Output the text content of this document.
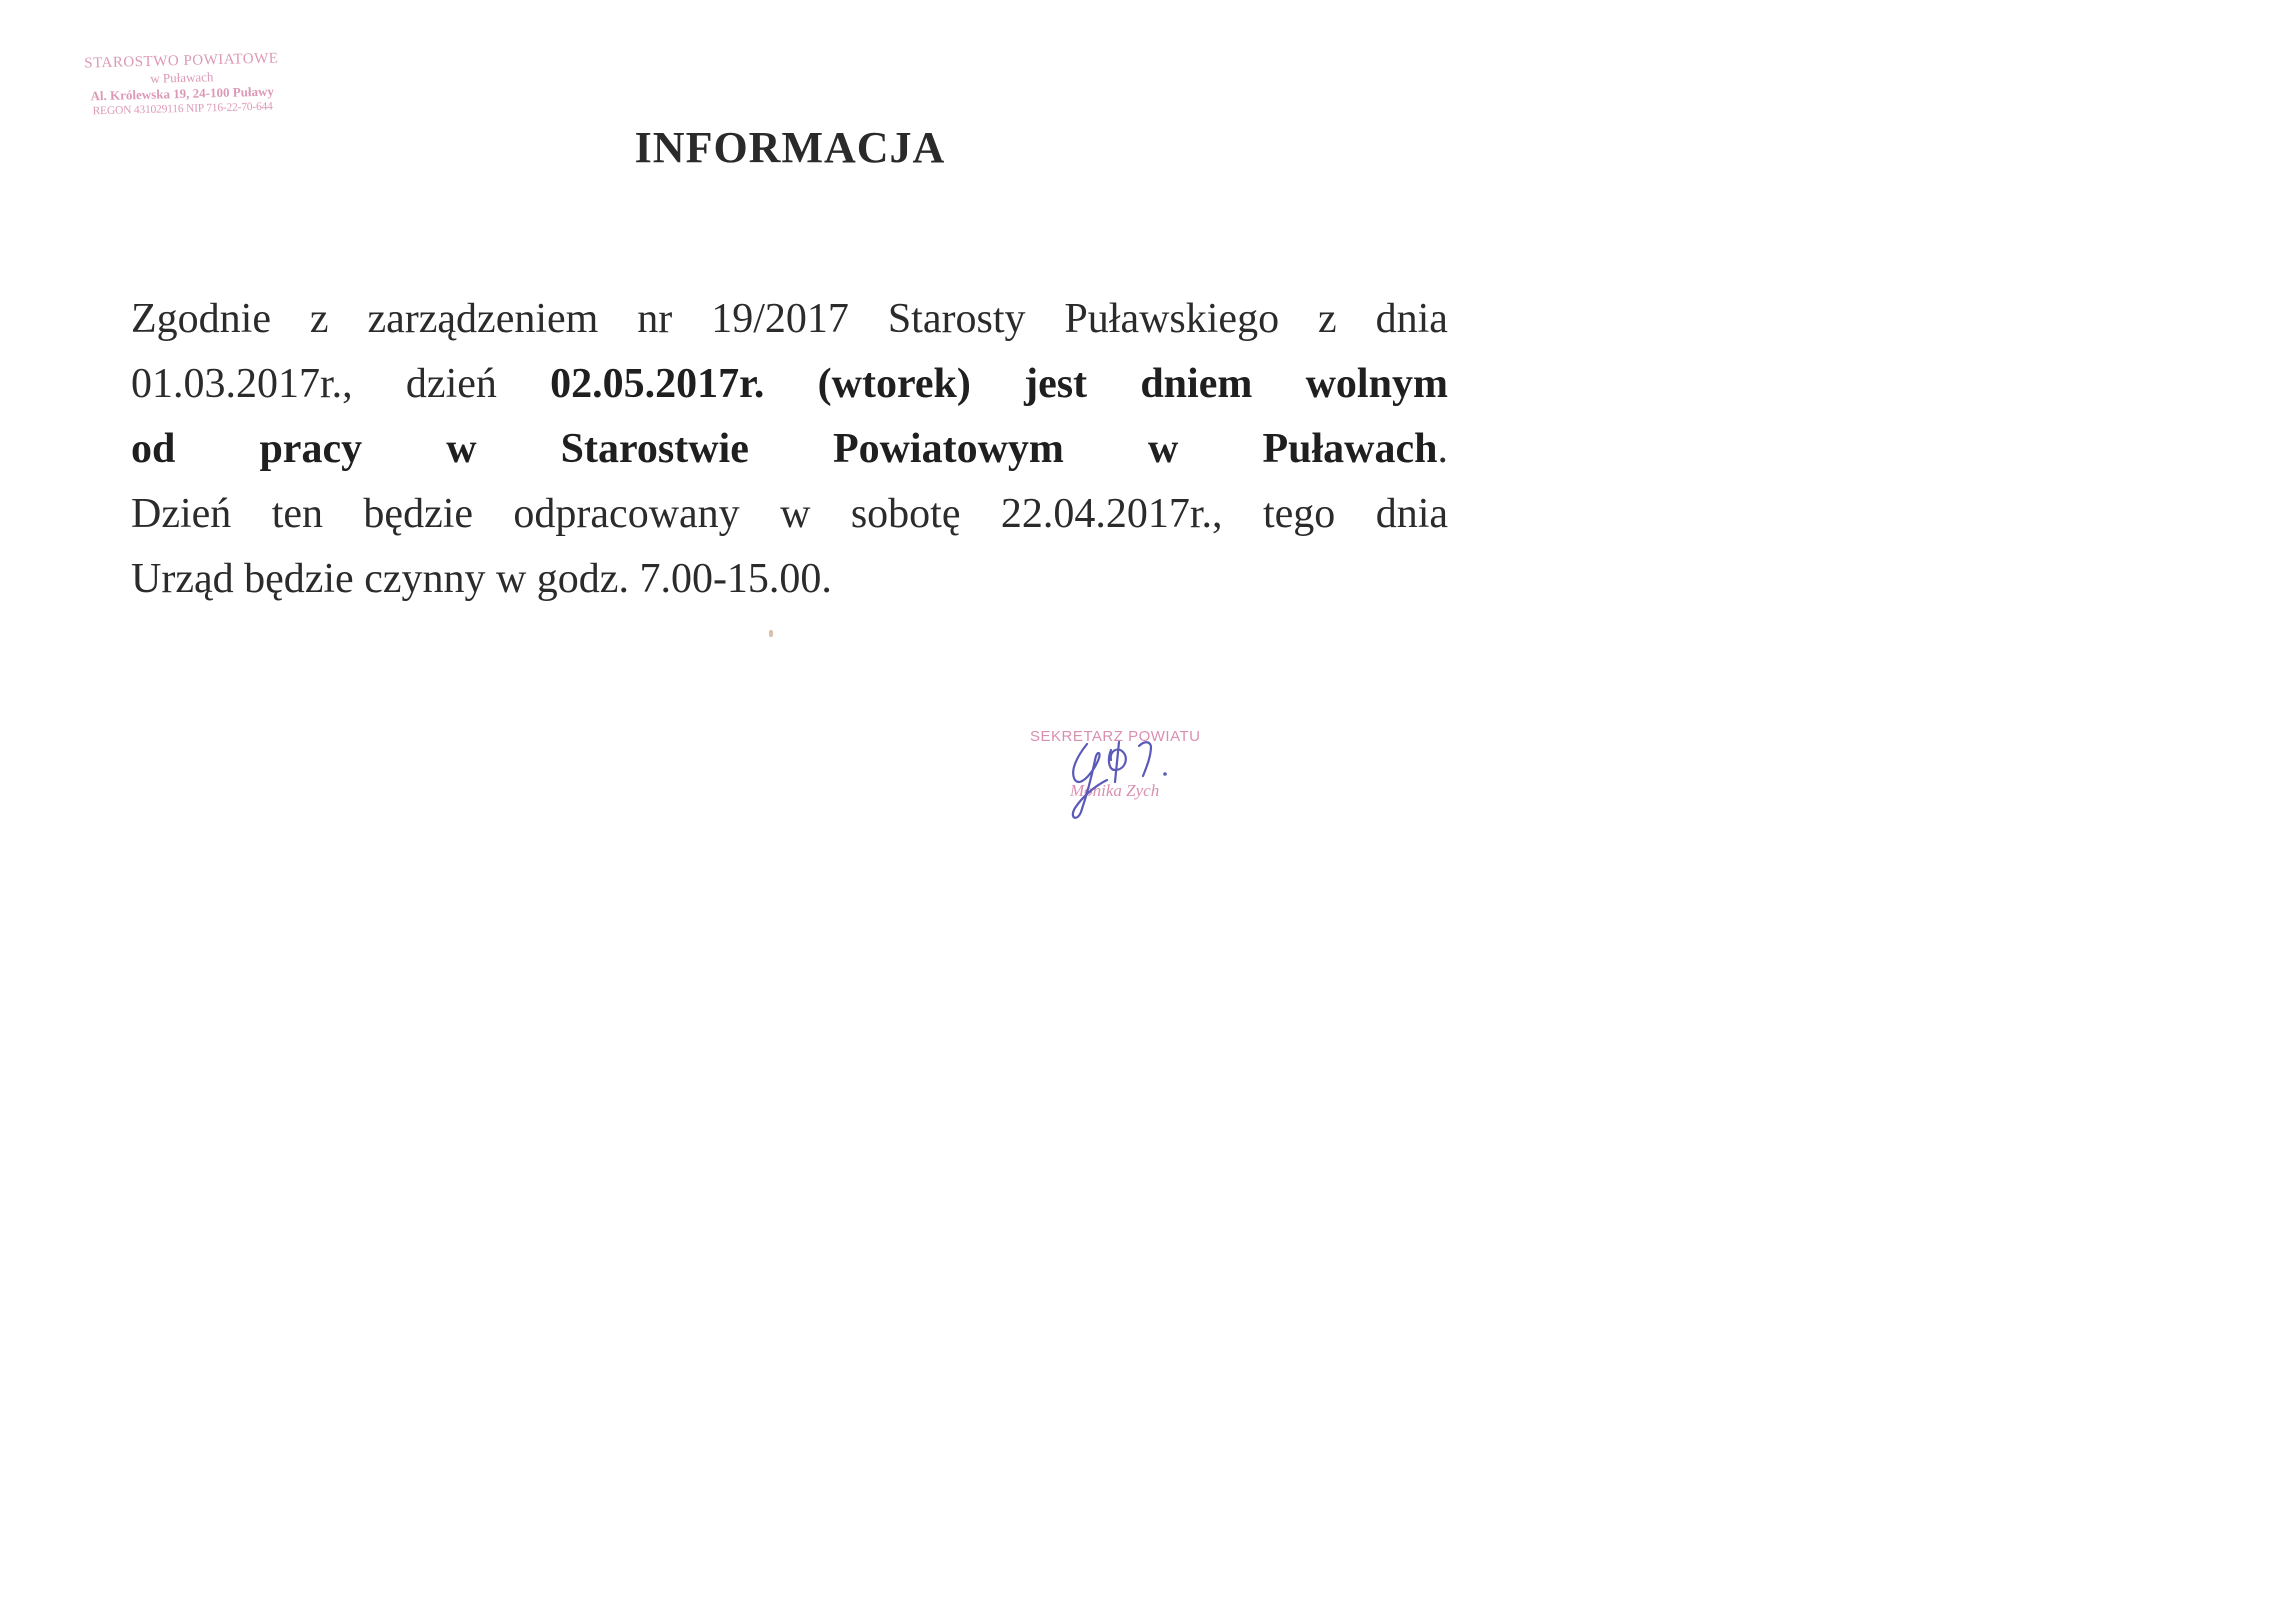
STAROSTWO POWIATOWE
w Puławach
Al. Królewska 19, 24-100 Puławy
REGON 431029116 NIP 716-22-70-644
INFORMACJA
Zgodnie z zarządzeniem nr 19/2017 Starosty Puławskiego z dnia
01.03.2017r., dzień 02.05.2017r. (wtorek) jest dniem wolnym
od pracy w Starostwie Powiatowym w Puławach.
Dzień ten będzie odpracowany w sobotę 22.04.2017r., tego dnia
Urząd będzie czynny w godz. 7.00-15.00.
SEKRETARZ POWIATU
Monika Zych
